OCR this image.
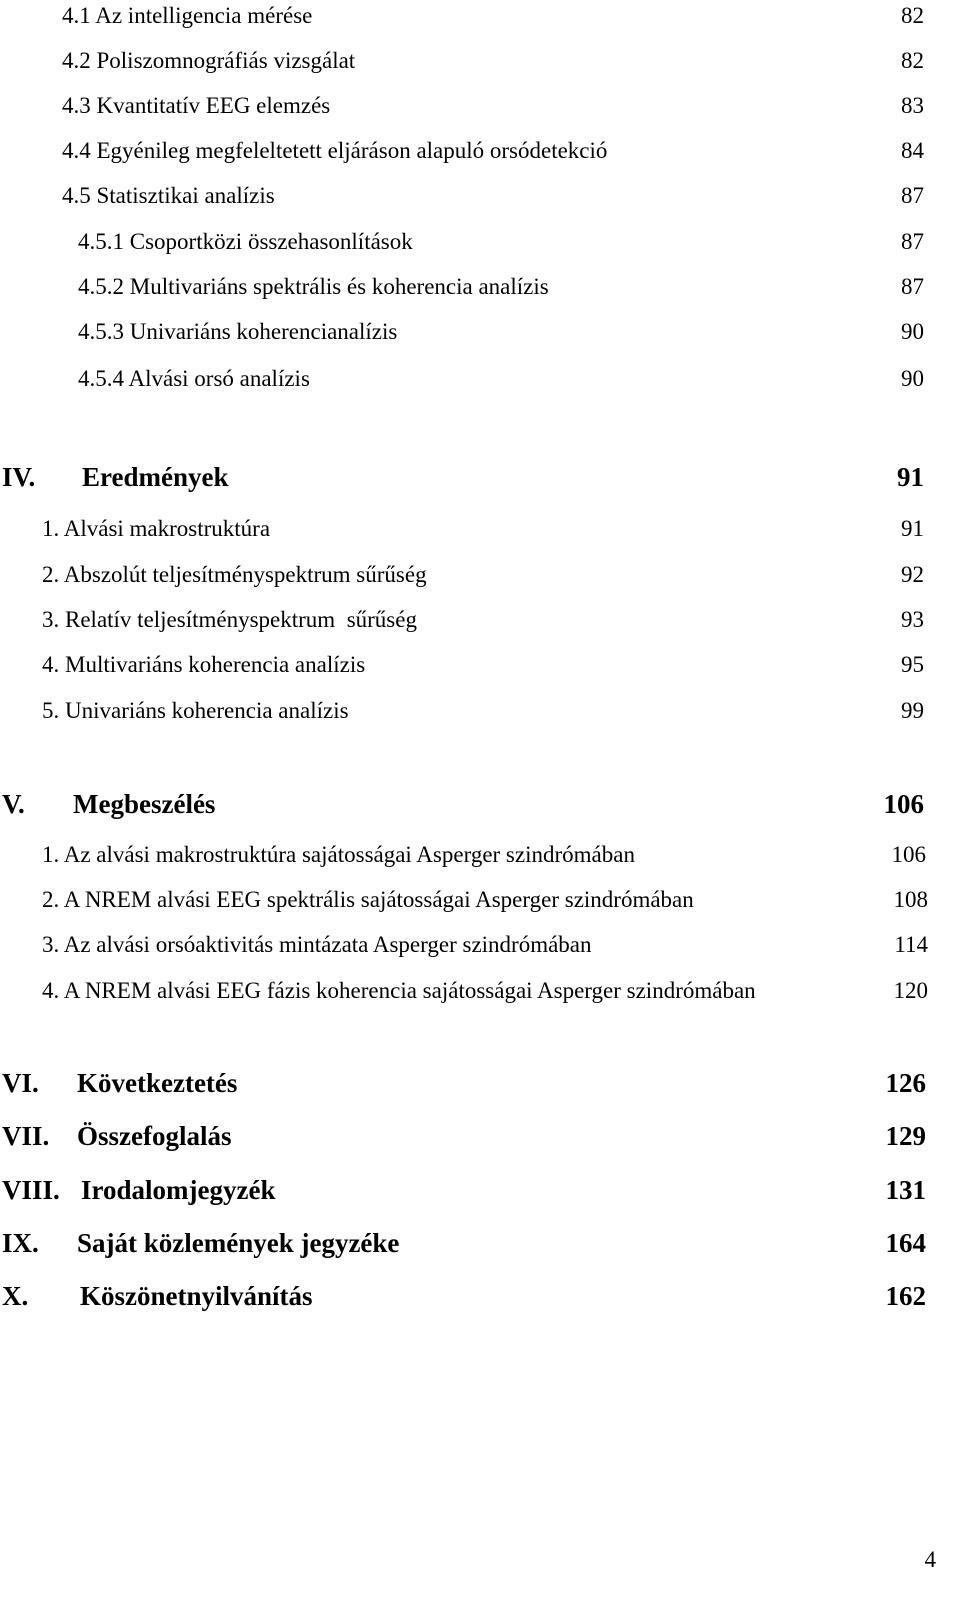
4.1 Az intelligencia mérése	82
4.2 Poliszomnográfiás vizsgálat	82
4.3 Kvantitatív EEG elemzés	83
4.4 Egyénileg megfeleltetett eljáráson alapuló orsódetekció	84
4.5 Statisztikai analízis	87
4.5.1 Csoportközi összehasonlítások	87
4.5.2 Multivariáns spektrális és koherencia analízis	87
4.5.3 Univariáns koherencianalízis	90
4.5.4 Alvási orsó analízis	90
IV. Eredmények	91
1. Alvási makrostruktúra	91
2. Abszolút teljesítményspektrum sűrűség	92
3. Relatív teljesítményspektrum  sűrűség	93
4. Multivariáns koherencia analízis	95
5. Univariáns koherencia analízis	99
V. Megbeszélés	106
1. Az alvási makrostruktúra sajátosságai Asperger szindrómában	106
2. A NREM alvási EEG spektrális sajátosságai Asperger szindrómában	108
3. Az alvási orsóaktivitás mintázata Asperger szindrómában	114
4. A NREM alvási EEG fázis koherencia sajátosságai Asperger szindrómában	120
VI. Következtetés	126
VII. Összefoglalás	129
VIII. Irodalomjegyzék	131
IX. Saját közlemények jegyzéke	164
X. Köszönetnyilvánítás	162
4
